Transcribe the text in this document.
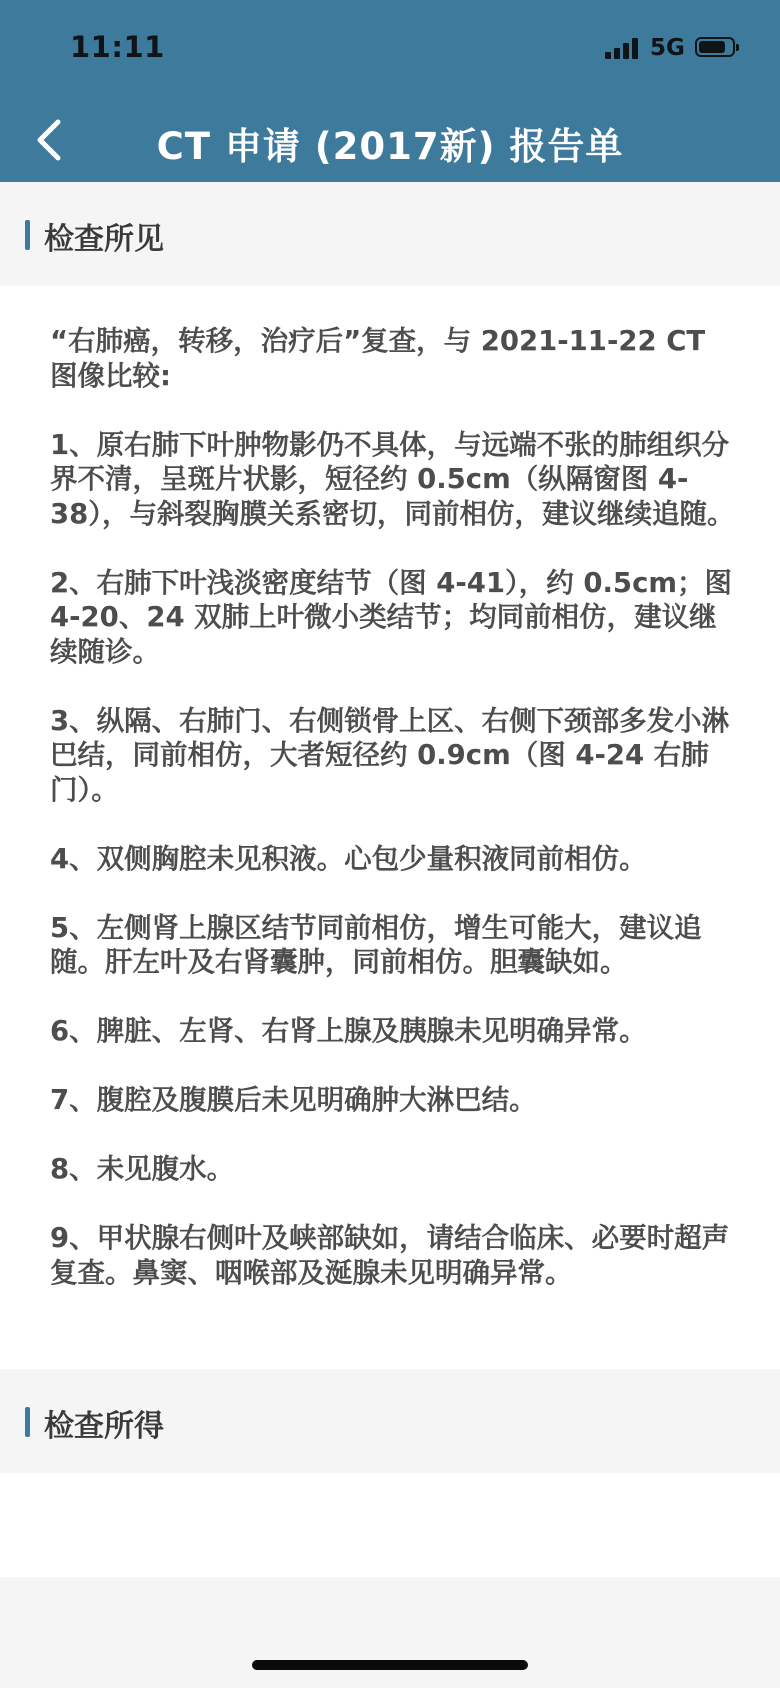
11:11	5G
CT 申请 (2017新) 报告单
检查所见

“右肺癌，转移，治疗后”复查，与 2021-11-22 CT 图像比较:

1、原右肺下叶肿物影仍不具体，与远端不张的肺组织分界不清，呈斑片状影，短径约 0.5cm（纵隔窗图 4-38），与斜裂胸膜关系密切，同前相仿，建议继续追随。

2、右肺下叶浅淡密度结节（图 4-41），约 0.5cm；图 4-20、24 双肺上叶微小类结节；均同前相仿，建议继续随诊。

3、纵隔、右肺门、右侧锁骨上区、右侧下颈部多发小淋巴结，同前相仿，大者短径约 0.9cm（图 4-24 右肺门）。

4、双侧胸腔未见积液。心包少量积液同前相仿。

5、左侧肾上腺区结节同前相仿，增生可能大，建议追随。肝左叶及右肾囊肿，同前相仿。胆囊缺如。

6、脾脏、左肾、右肾上腺及胰腺未见明确异常。

7、腹腔及腹膜后未见明确肿大淋巴结。

8、未见腹水。

9、甲状腺右侧叶及峡部缺如，请结合临床、必要时超声复查。鼻窦、咽喉部及涎腺未见明确异常。

检查所得
